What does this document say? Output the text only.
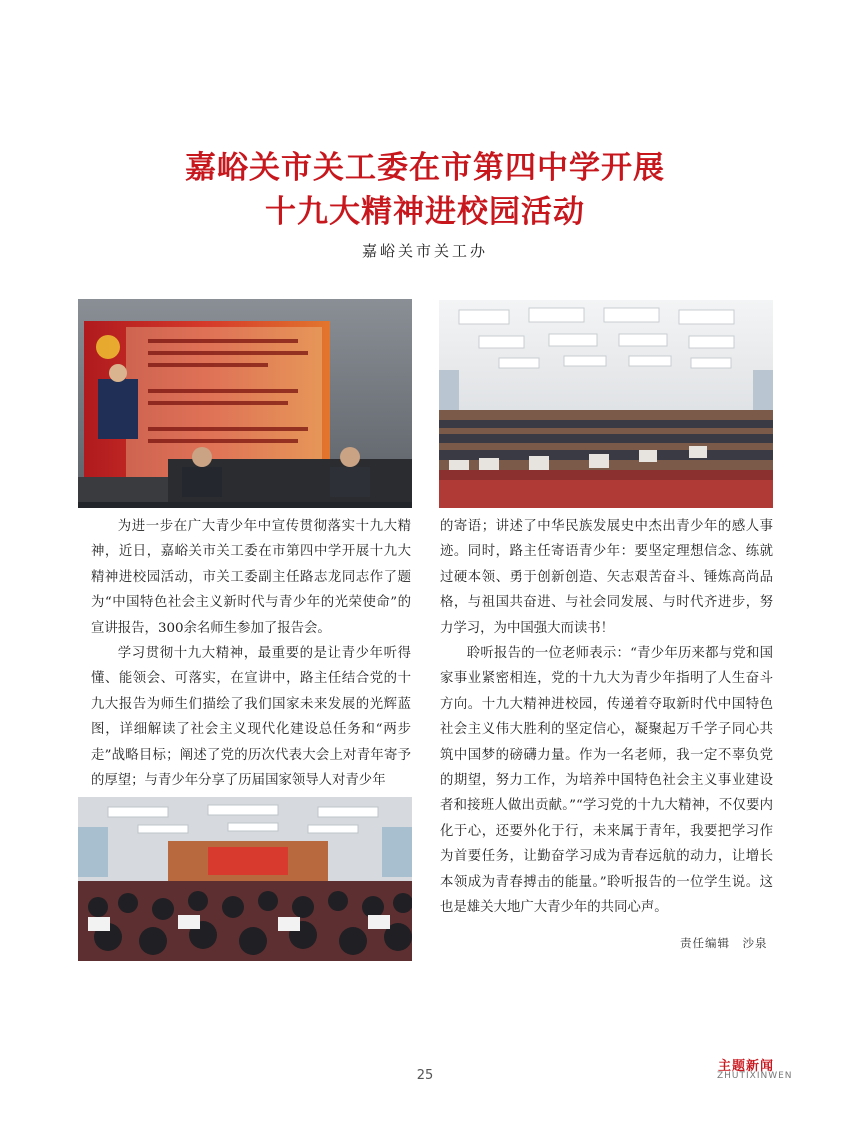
嘉峪关市关工委在市第四中学开展
十九大精神进校园活动
嘉峪关市关工办

为进一步在广大青少年中宣传贯彻落实十九大精神，近日，嘉峪关市关工委在市第四中学开展十九大精神进校园活动，市关工委副主任路志龙同志作了题为“中国特色社会主义新时代与青少年的光荣使命”的宣讲报告，300余名师生参加了报告会。

学习贯彻十九大精神，最重要的是让青少年听得懂、能领会、可落实，在宣讲中，路主任结合党的十九大报告为师生们描绘了我们国家未来发展的光辉蓝图，详细解读了社会主义现代化建设总任务和“两步走”战略目标；阐述了党的历次代表大会上对青年寄予的厚望；与青少年分享了历届国家领导人对青少年

的寄语；讲述了中华民族发展史中杰出青少年的感人事迹。同时，路主任寄语青少年：要坚定理想信念、练就过硬本领、勇于创新创造、矢志艰苦奋斗、锤炼高尚品格，与祖国共奋进、与社会同发展、与时代齐进步，努力学习，为中国强大而读书！

聆听报告的一位老师表示：“青少年历来都与党和国家事业紧密相连，党的十九大为青少年指明了人生奋斗方向。十九大精神进校园，传递着夺取新时代中国特色社会主义伟大胜利的坚定信心，凝聚起万千学子同心共筑中国梦的磅礴力量。作为一名老师，我一定不辜负党的期望，努力工作，为培养中国特色社会主义事业建设者和接班人做出贡献。”“学习党的十九大精神，不仅要内化于心，还要外化于行，未来属于青年，我要把学习作为首要任务，让勤奋学习成为青春远航的动力，让增长本领成为青春搏击的能量。”聆听报告的一位学生说。这也是雄关大地广大青少年的共同心声。

责任编辑　沙泉
25
主题新闻
ZHUTIXINWEN
